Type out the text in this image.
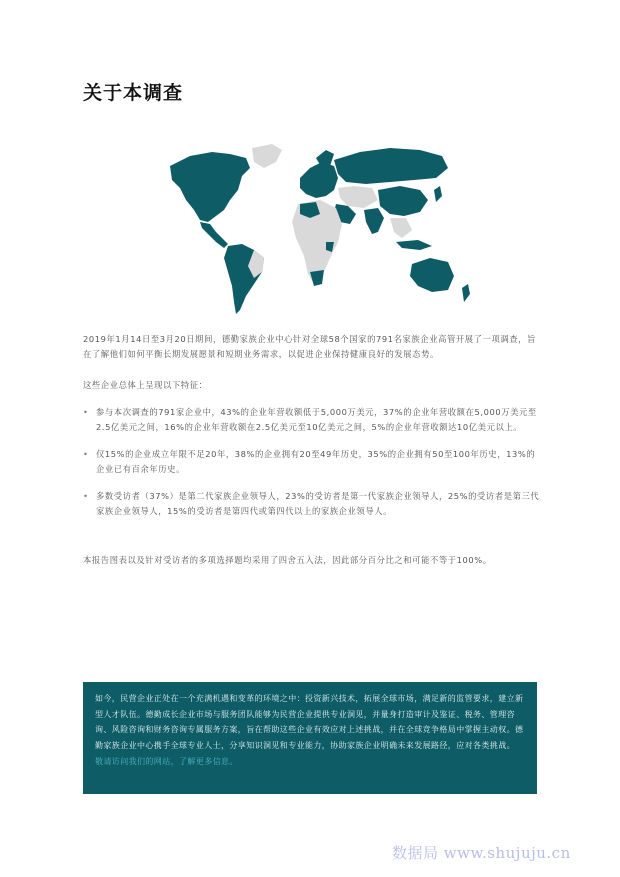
关于本调查
2019年1月14日至3月20日期间，德勤家族企业中心针对全球58个国家的791名家族企业高管开展了一项调查，旨在了解他们如何平衡长期发展愿景和短期业务需求，以促进企业保持健康良好的发展态势。
这些企业总体上呈现以下特征：
• 参与本次调查的791家企业中，43%的企业年营收额低于5,000万美元，37%的企业年营收额在5,000万美元至2.5亿美元之间，16%的企业年营收额在2.5亿美元至10亿美元之间，5%的企业年营收额达10亿美元以上。
• 仅15%的企业成立年限不足20年，38%的企业拥有20至49年历史，35%的企业拥有50至100年历史，13%的企业已有百余年历史。
• 多数受访者（37%）是第二代家族企业领导人，23%的受访者是第一代家族企业领导人，25%的受访者是第三代家族企业领导人，15%的受访者是第四代或第四代以上的家族企业领导人。
本报告图表以及针对受访者的多项选择题均采用了四舍五入法，因此部分百分比之和可能不等于100%。
如今，民营企业正处在一个充满机遇和变革的环境之中：投资新兴技术，拓展全球市场，满足新的监管要求，建立新型人才队伍。德勤成长企业市场与服务团队能够为民营企业提供专业洞见，并量身打造审计及鉴证、税务、管理咨询、风险咨询和财务咨询专属服务方案，旨在帮助这些企业有效应对上述挑战，并在全球竞争格局中掌握主动权。德勤家族企业中心携手全球专业人士，分享知识洞见和专业能力，协助家族企业明确未来发展路径，应对各类挑战。
敬请访问我们的网站，了解更多信息。
数据局 www.shujuju.cn
